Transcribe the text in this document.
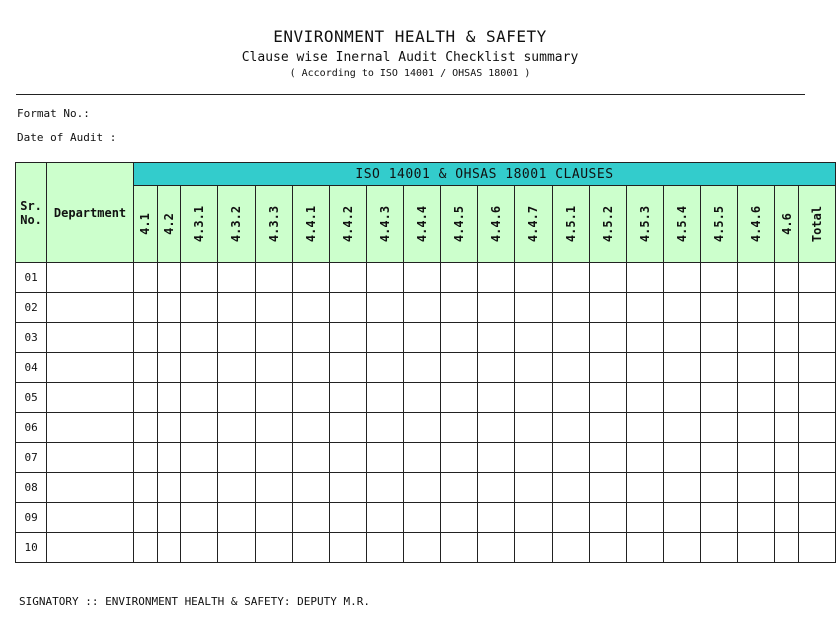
ENVIRONMENT HEALTH & SAFETY
Clause wise Inernal Audit Checklist summary
( According to ISO 14001 / OHSAS 18001 )
Format No.:
Date of Audit :
Sr. No.	Department	ISO 14001 & OHSAS 18001 CLAUSES																			

		4.1	4.2	4.3.1	4.3.2	4.3.3	4.4.1	4.4.2	4.4.3	4.4.4	4.4.5	4.4.6	4.4.7	4.5.1	4.5.2	4.5.3	4.5.4	4.5.5	4.4.6	4.6	Total

01																					
02																					
03																					
04																					
05																					
06																					
07																					
08																					
09																					
10																					
SIGNATORY :: ENVIRONMENT HEALTH & SAFETY: DEPUTY M.R.
